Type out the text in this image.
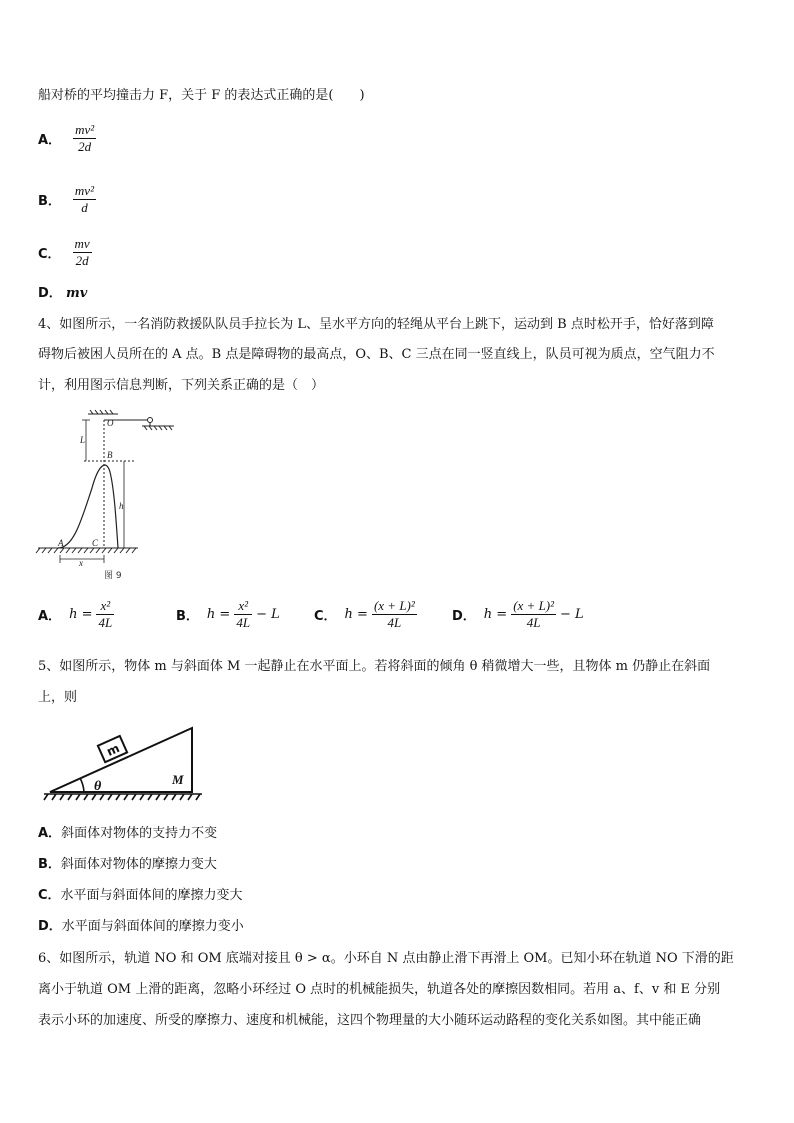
船对桥的平均撞击力 F，关于 F 的表达式正确的是(　　)
A． $\frac{\text{mv²}}{2d}$
B． $\frac{\text{mv²}}{d}$
C． $\frac{mv}{2d}$
D． mv
4、如图所示，一名消防救援队队员手拉长为 L、呈水平方向的轻绳从平台上跳下，运动到 B 点时松开手，恰好落到障
碍物后被困人员所在的 A 点。B 点是障碍物的最高点，O、B、C 三点在同一竖直线上，队员可视为质点，空气阻力不
计，利用图示信息判断，下列关系正确的是（　）
O
L
B
h
A	C
x
图 9
A． $h = \frac{\text{x²}}{4L}$	B． $h = \frac{\text{x²}}{4L} - L$	C． $h = \frac{\text{(x + L)²}}{4L}$	D． $h = \frac{\text{(x + L)²}}{4L} - L$
5、如图所示，物体 m 与斜面体 M 一起静止在水平面上。若将斜面的倾角 θ 稍微增大一些，且物体 m 仍静止在斜面
上，则
m
θ	M
A．斜面体对物体的支持力不变
B．斜面体对物体的摩擦力变大
C．水平面与斜面体间的摩擦力变大
D．水平面与斜面体间的摩擦力变小
6、如图所示，轨道 NO 和 OM 底端对接且 θ > α。小环自 N 点由静止滑下再滑上 OM。已知小环在轨道 NO 下滑的距
离小于轨道 OM 上滑的距离，忽略小环经过 O 点时的机械能损失，轨道各处的摩擦因数相同。若用 a、f、v 和 E 分别
表示小环的加速度、所受的摩擦力、速度和机械能，这四个物理量的大小随环运动路程的变化关系如图。其中能正确
